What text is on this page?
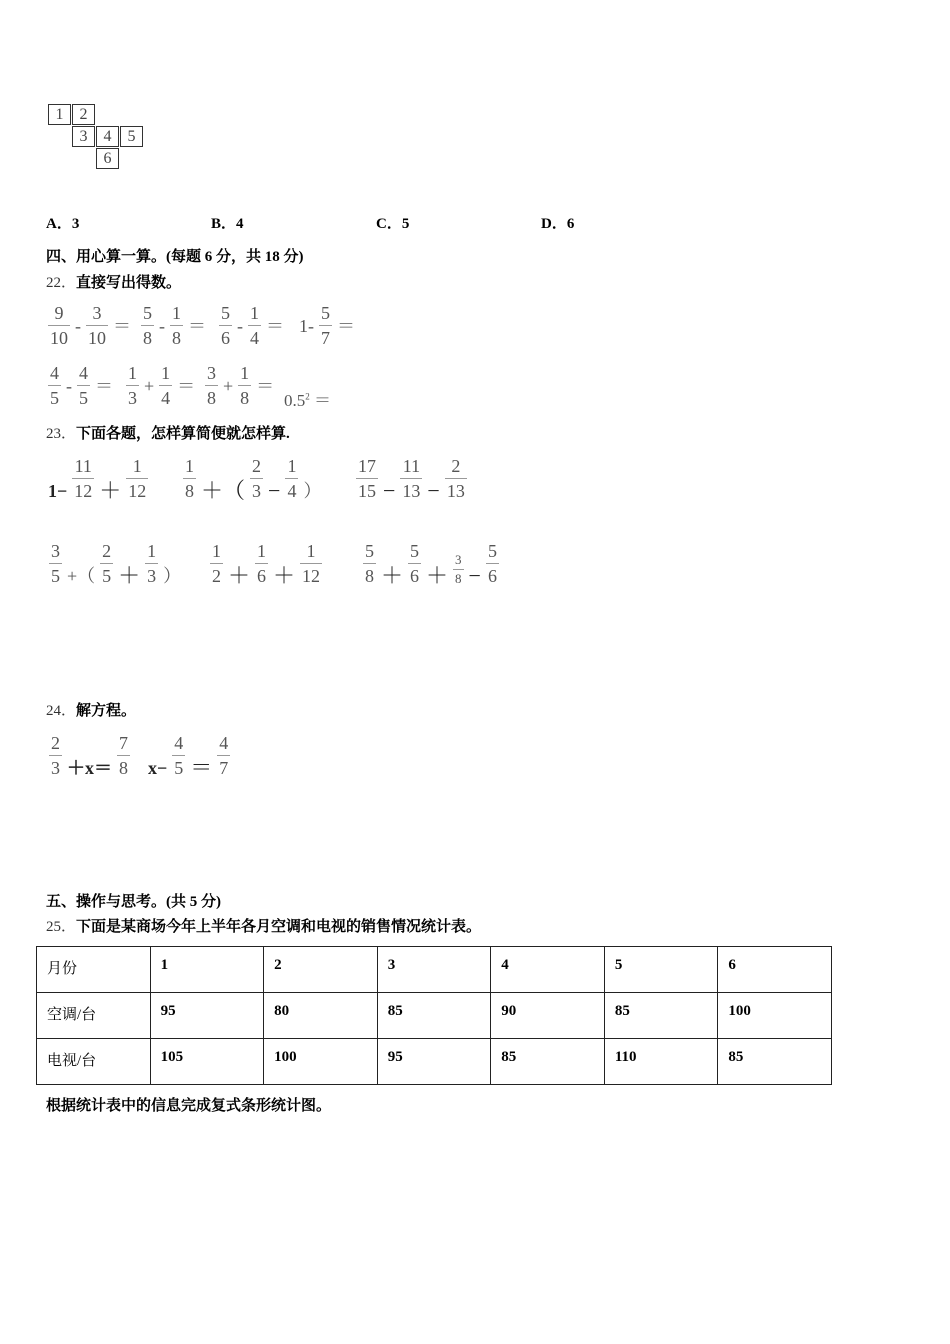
1	2
3	4	5
6
A．3	B．4	C．5	D．6
四、用心算一算。(每题 6 分，共 18 分)
22．直接写出得数。
$\frac{9}{10} - \frac{3}{10} = \frac{5}{8} - \frac{1}{8} = \frac{5}{6} - \frac{1}{4} = 1- \frac{5}{7}$ ＝
$\frac{4}{5} - \frac{4}{5} = \frac{1}{3} + \frac{1}{4} = \frac{3}{8} + \frac{1}{8}$ ＝
$0.5^2$ ＝
23．下面各题，怎样算简便就怎样算.
$1- \frac{11}{12} + \frac{1}{12} \frac{1}{8}$ ＋（ $\frac{2}{3} - \frac{1}{4}$ ） $\frac{17}{15} - \frac{11}{13} - \frac{2}{13}$
$\frac{3}{5}$ +（ $\frac{2}{5} + \frac{1}{3}$ ） $\frac{1}{2} + \frac{1}{6} + \frac{1}{12} \frac{5}{8} + \frac{5}{6} + \frac{3}{8} - \frac{5}{6}$
24．解方程。
$\frac{2}{3} +x= \frac{7}{8} x- \frac{4}{5} = \frac{4}{7}$
五、操作与思考。(共 5 分)
25．下面是某商场今年上半年各月空调和电视的销售情况统计表。
月份	1	2	3	4	5	6
空调/台	95	80	85	90	85	100
电视/台	105	100	95	85	110	85
根据统计表中的信息完成复式条形统计图。
